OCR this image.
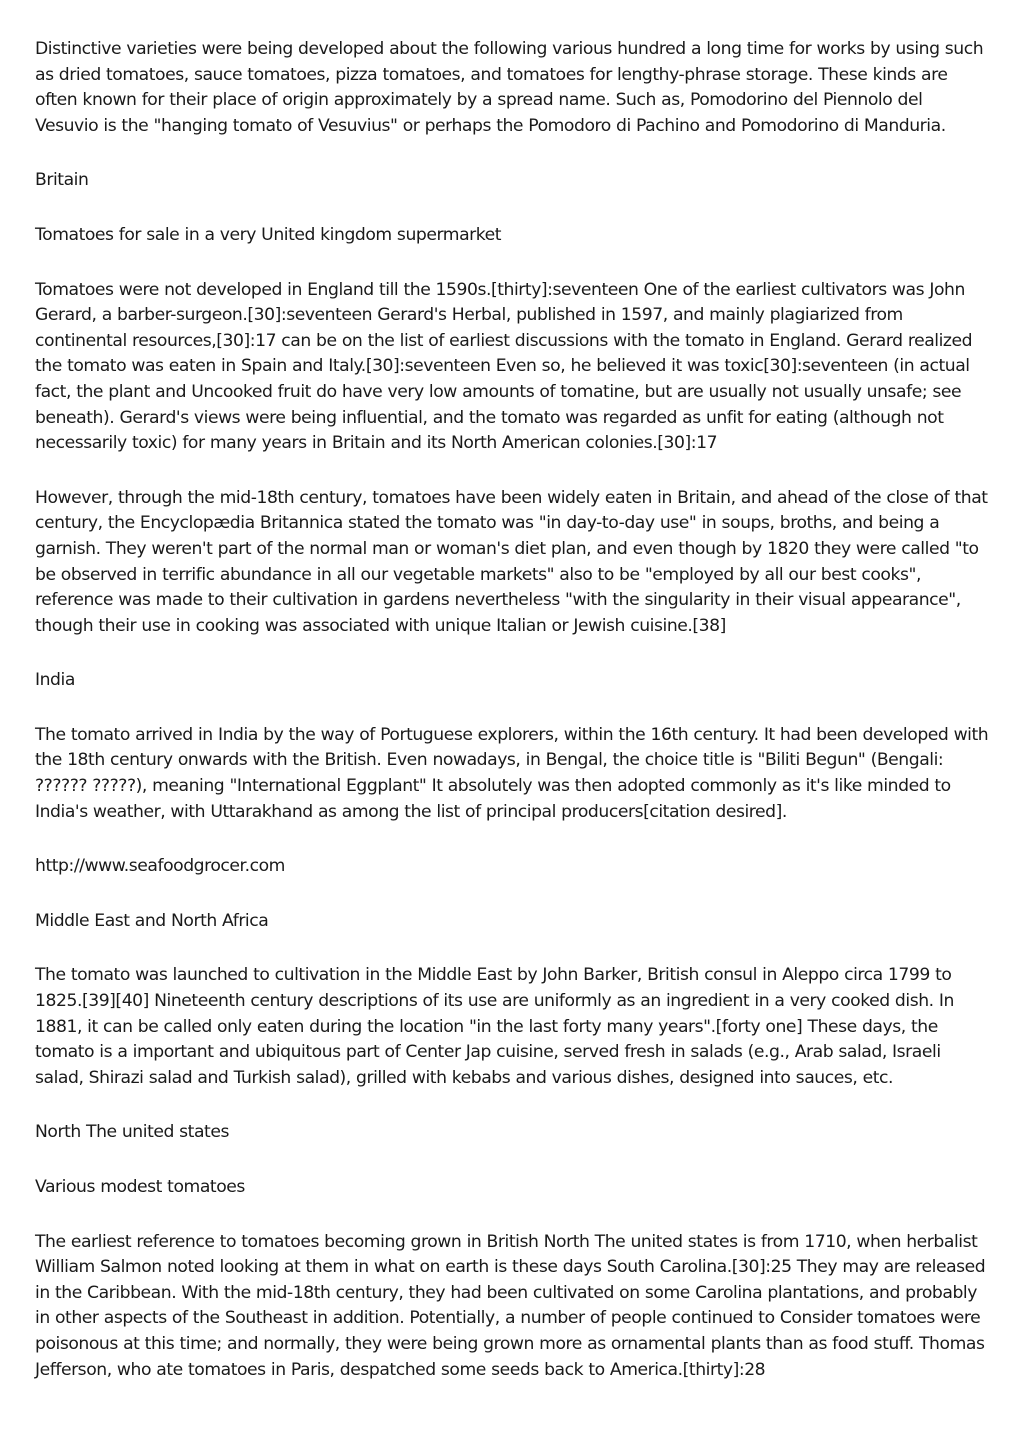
Distinctive varieties were being developed about the following various hundred a long time for works by using such as dried tomatoes, sauce tomatoes, pizza tomatoes, and tomatoes for lengthy-phrase storage. These kinds are often known for their place of origin approximately by a spread name. Such as, Pomodorino del Piennolo del Vesuvio is the "hanging tomato of Vesuvius" or perhaps the Pomodoro di Pachino and Pomodorino di Manduria.

Britain

Tomatoes for sale in a very United kingdom supermarket

Tomatoes were not developed in England till the 1590s.[thirty]:seventeen One of the earliest cultivators was John Gerard, a barber-surgeon.[30]:seventeen Gerard's Herbal, published in 1597, and mainly plagiarized from continental resources,[30]:17 can be on the list of earliest discussions with the tomato in England. Gerard realized the tomato was eaten in Spain and Italy.[30]:seventeen Even so, he believed it was toxic[30]:seventeen (in actual fact, the plant and Uncooked fruit do have very low amounts of tomatine, but are usually not usually unsafe; see beneath). Gerard's views were being influential, and the tomato was regarded as unfit for eating (although not necessarily toxic) for many years in Britain and its North American colonies.[30]:17

However, through the mid-18th century, tomatoes have been widely eaten in Britain, and ahead of the close of that century, the Encyclopædia Britannica stated the tomato was "in day-to-day use" in soups, broths, and being a garnish. They weren't part of the normal man or woman's diet plan, and even though by 1820 they were called "to be observed in terrific abundance in all our vegetable markets" also to be "employed by all our best cooks", reference was made to their cultivation in gardens nevertheless "with the singularity in their visual appearance", though their use in cooking was associated with unique Italian or Jewish cuisine.[38]

India

The tomato arrived in India by the way of Portuguese explorers, within the 16th century. It had been developed with the 18th century onwards with the British. Even nowadays, in Bengal, the choice title is "Biliti Begun" (Bengali: ?????? ?????), meaning "International Eggplant" It absolutely was then adopted commonly as it's like minded to India's weather, with Uttarakhand as among the list of principal producers[citation desired].

http://www.seafoodgrocer.com

Middle East and North Africa

The tomato was launched to cultivation in the Middle East by John Barker, British consul in Aleppo circa 1799 to 1825.[39][40] Nineteenth century descriptions of its use are uniformly as an ingredient in a very cooked dish. In 1881, it can be called only eaten during the location "in the last forty many years".[forty one] These days, the tomato is a important and ubiquitous part of Center Jap cuisine, served fresh in salads (e.g., Arab salad, Israeli salad, Shirazi salad and Turkish salad), grilled with kebabs and various dishes, designed into sauces, etc.

North The united states

Various modest tomatoes

The earliest reference to tomatoes becoming grown in British North The united states is from 1710, when herbalist William Salmon noted looking at them in what on earth is these days South Carolina.[30]:25 They may are released in the Caribbean. With the mid-18th century, they had been cultivated on some Carolina plantations, and probably in other aspects of the Southeast in addition. Potentially, a number of people continued to Consider tomatoes were poisonous at this time; and normally, they were being grown more as ornamental plants than as food stuff. Thomas Jefferson, who ate tomatoes in Paris, despatched some seeds back to America.[thirty]:28
